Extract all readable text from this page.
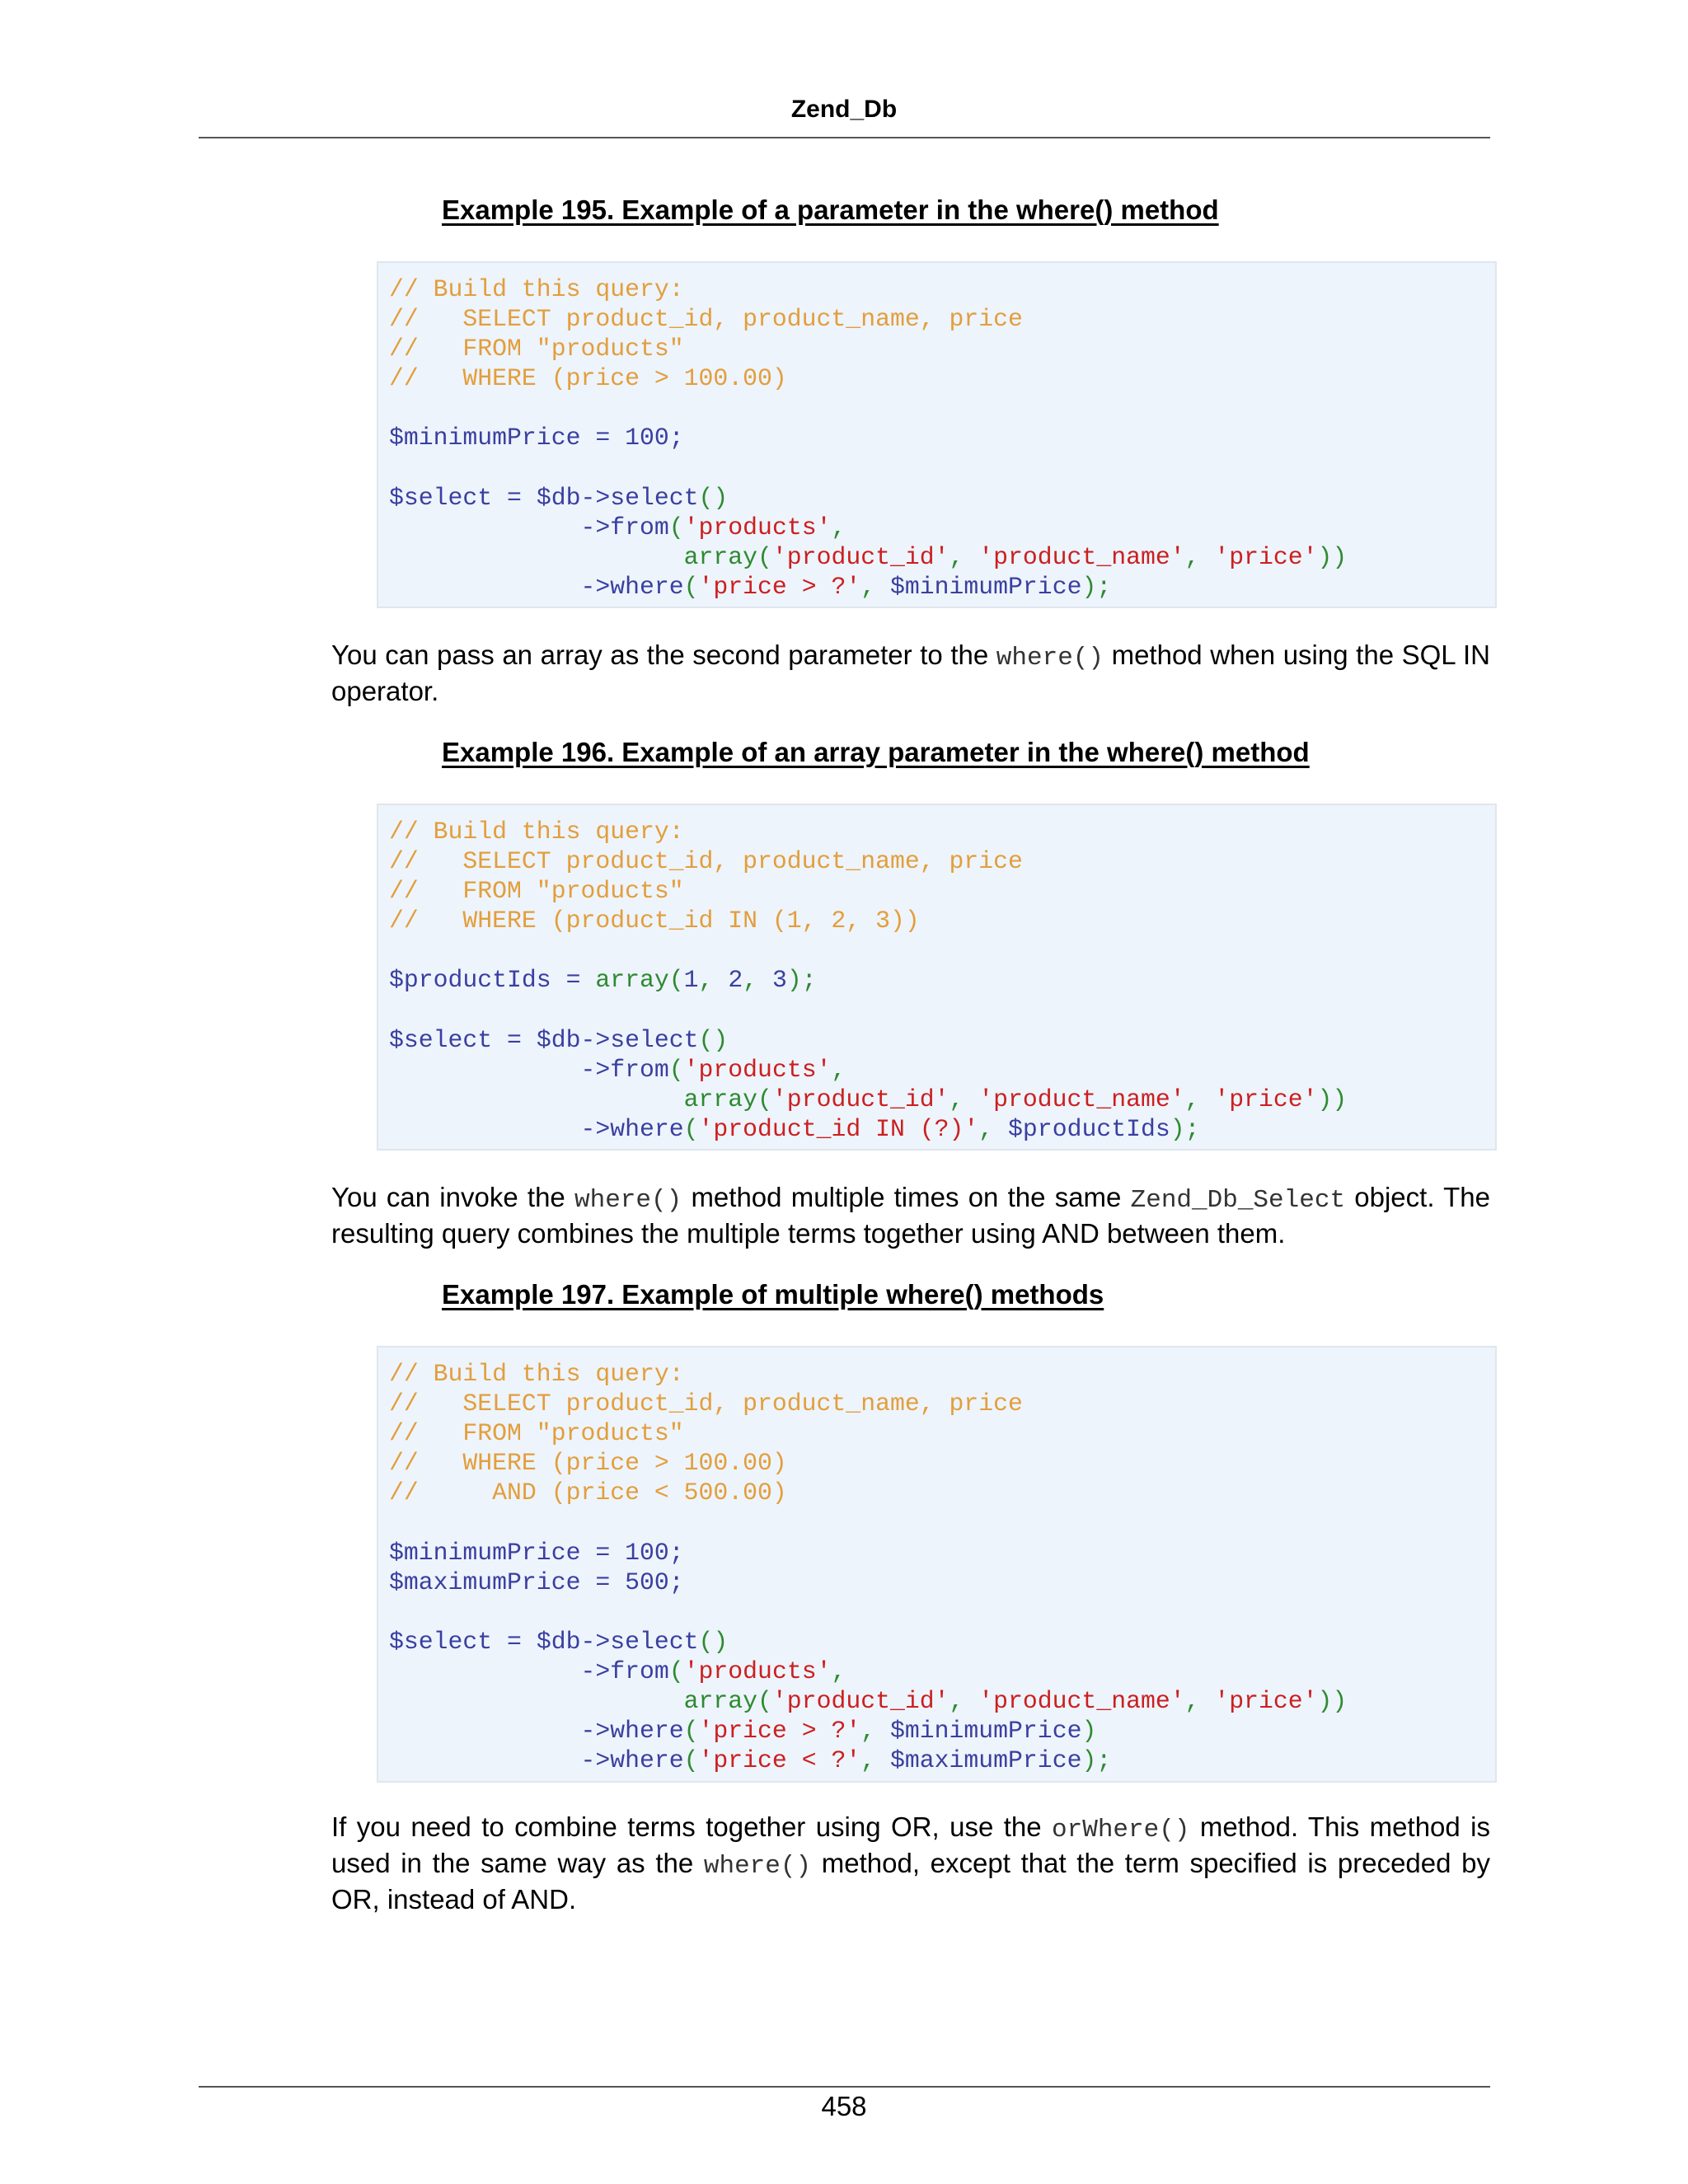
Zend_Db
Example 195. Example of a parameter in the where() method
// Build this query:
//   SELECT product_id, product_name, price
//   FROM "products"
//   WHERE (price > 100.00)
$minimumPrice = 100;
$select = $db->select()
->from('products',
array('product_id', 'product_name', 'price'))
->where('price > ?', $minimumPrice);
You can pass an array as the second parameter to the where() method when using the SQL IN operator.
Example 196. Example of an array parameter in the where() method
// Build this query:
//   SELECT product_id, product_name, price
//   FROM "products"
//   WHERE (product_id IN (1, 2, 3))
$productIds = array(1, 2, 3);
$select = $db->select()
->from('products',
array('product_id', 'product_name', 'price'))
->where('product_id IN (?)', $productIds);
You can invoke the where() method multiple times on the same Zend_Db_Select object. The resulting query combines the multiple terms together using AND between them.
Example 197. Example of multiple where() methods
// Build this query:
//   SELECT product_id, product_name, price
//   FROM "products"
//   WHERE (price > 100.00)
//     AND (price < 500.00)
$minimumPrice = 100;
$maximumPrice = 500;
$select = $db->select()
->from('products',
array('product_id', 'product_name', 'price'))
->where('price > ?', $minimumPrice)
->where('price < ?', $maximumPrice);
If you need to combine terms together using OR, use the orWhere() method. This method is used in the same way as the where() method, except that the term specified is preceded by OR, instead of AND.
458
